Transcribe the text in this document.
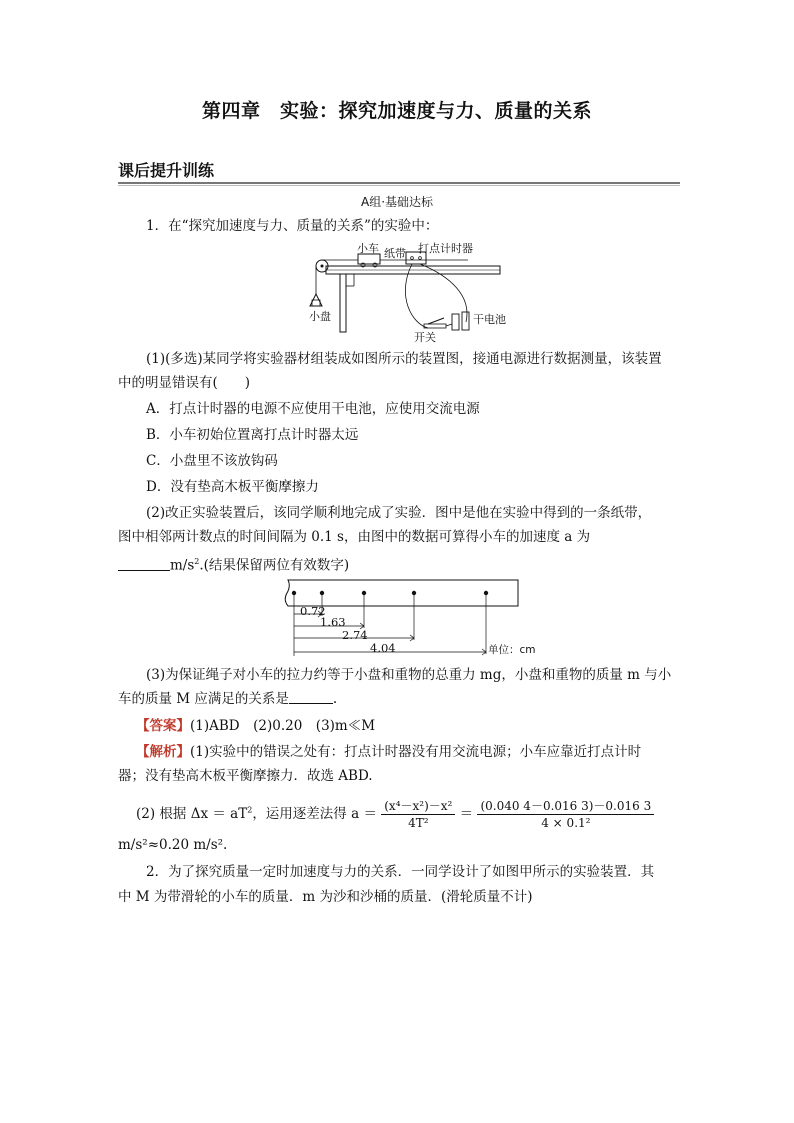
第四章　实验：探究加速度与力、质量的关系
课后提升训练
A组·基础达标
1．在“探究加速度与力、质量的关系”的实验中：
小车 纸带 打点计时器
小盘
开关
干电池
(1)(多选)某同学将实验器材组装成如图所示的装置图，接通电源进行数据测量，该装置
中的明显错误有(　　)
A．打点计时器的电源不应使用干电池，应使用交流电源
B．小车初始位置离打点计时器太远
C．小盘里不该放钩码
D．没有垫高木板平衡摩擦力
(2)改正实验装置后，该同学顺利地完成了实验．图中是他在实验中得到的一条纸带，
图中相邻两计数点的时间间隔为 0.1 s，由图中的数据可算得小车的加速度 a 为
$m/s^2$.(结果保留两位有效数字)
0.72
1.63
2.74
4.04	单位：cm
(3)为保证绳子对小车的拉力约等于小盘和重物的总重力 mg，小盘和重物的质量 m 与小
车的质量 M 应满足的关系是	.
【答案】(1)ABD　(2)0.20　(3)m≪M
【解析】(1)实验中的错误之处有：打点计时器没有用交流电源；小车应靠近打点计时
器；没有垫高木板平衡摩擦力．故选 ABD.
(2) 根据 $\Delta x = aT^2$，运用逐差法得 $a = \frac{\text{(x⁴－x²)－x²}}{\text{4T²}} = \frac{(0.040 4-0.016 3)-0.016 3}{\text{4 × 0.1²}}$
m/s²≈0.20 m/s².
2．为了探究质量一定时加速度与力的关系．一同学设计了如图甲所示的实验装置．其
中 M 为带滑轮的小车的质量．m 为沙和沙桶的质量．(滑轮质量不计)
